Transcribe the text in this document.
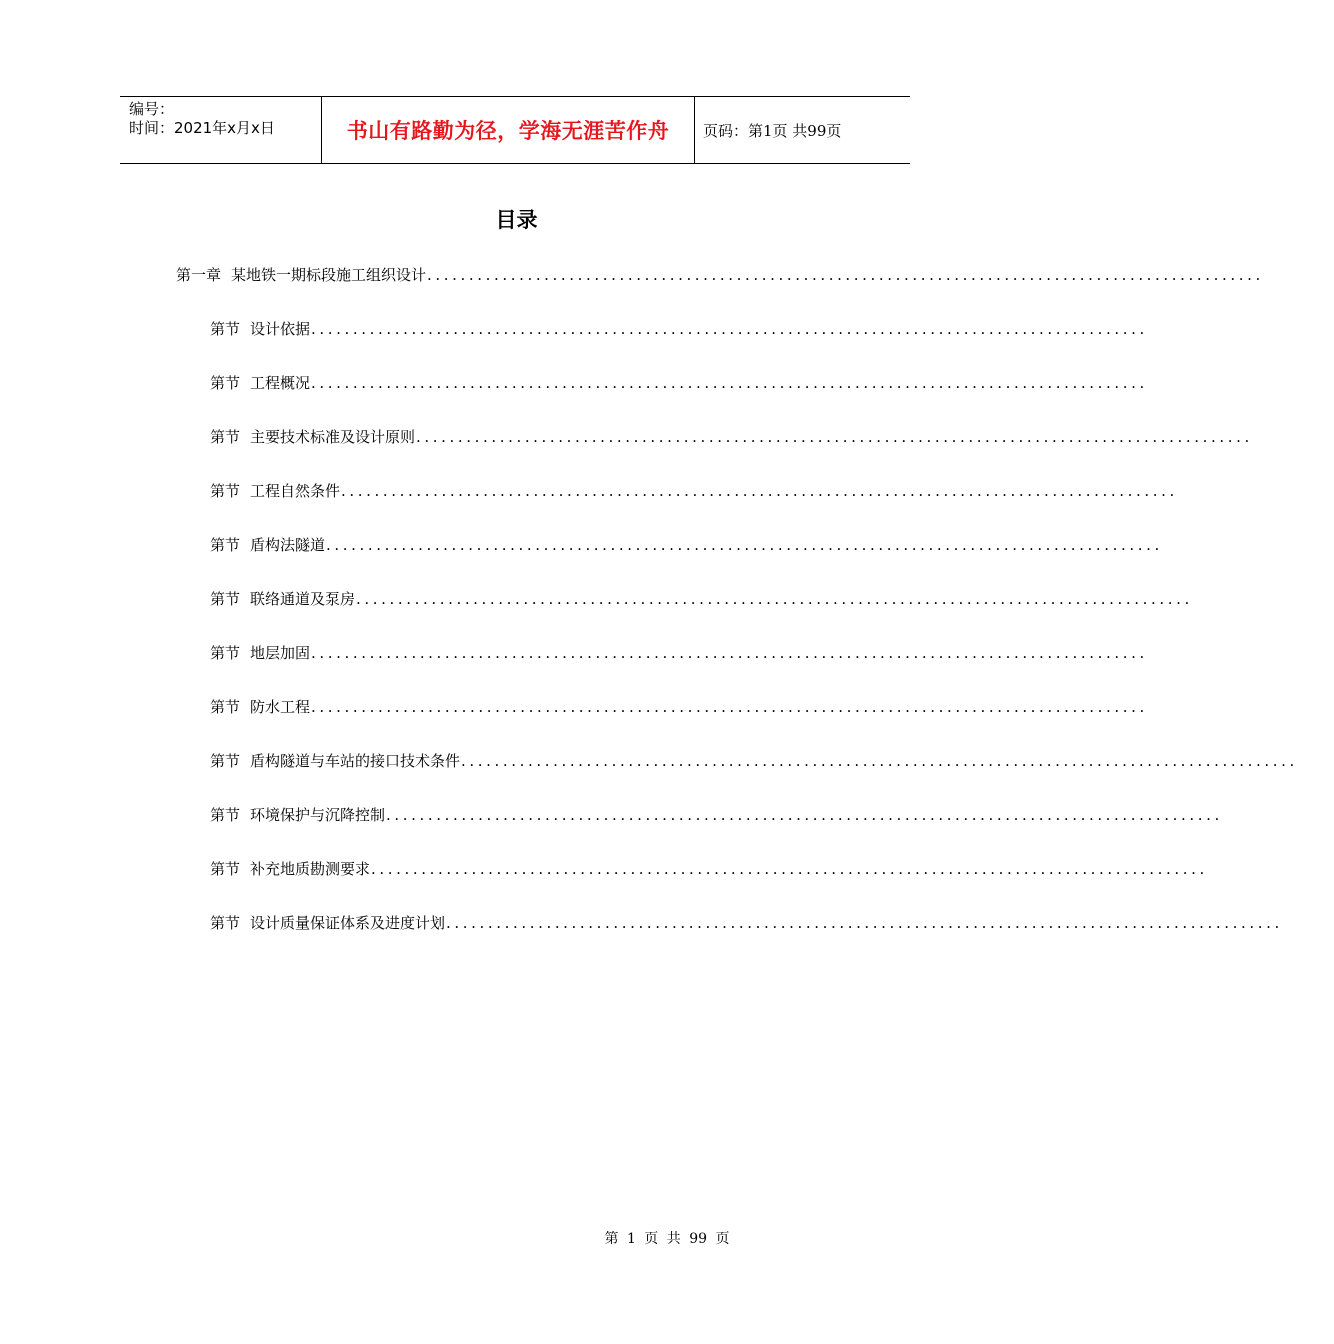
编号：
时间：2021年x月x日	书山有路勤为径，学海无涯苦作舟 页码：第1页 共99页
目录
第一章 某地铁一期标段施工组织设计 ....................................................................................................
第节 设计依据 ....................................................................................................
第节 工程概况 ....................................................................................................
第节 主要技术标准及设计原则 ....................................................................................................
第节 工程自然条件 ....................................................................................................
第节 盾构法隧道 ....................................................................................................
第节 联络通道及泵房 ....................................................................................................
第节 地层加固 ....................................................................................................
第节 防水工程 ....................................................................................................
第节 盾构隧道与车站的接口技术条件 ....................................................................................................
第节 环境保护与沉降控制 ....................................................................................................
第节 补充地质勘测要求 ....................................................................................................
第节 设计质量保证体系及进度计划 ....................................................................................................
第 1 页 共 99 页
